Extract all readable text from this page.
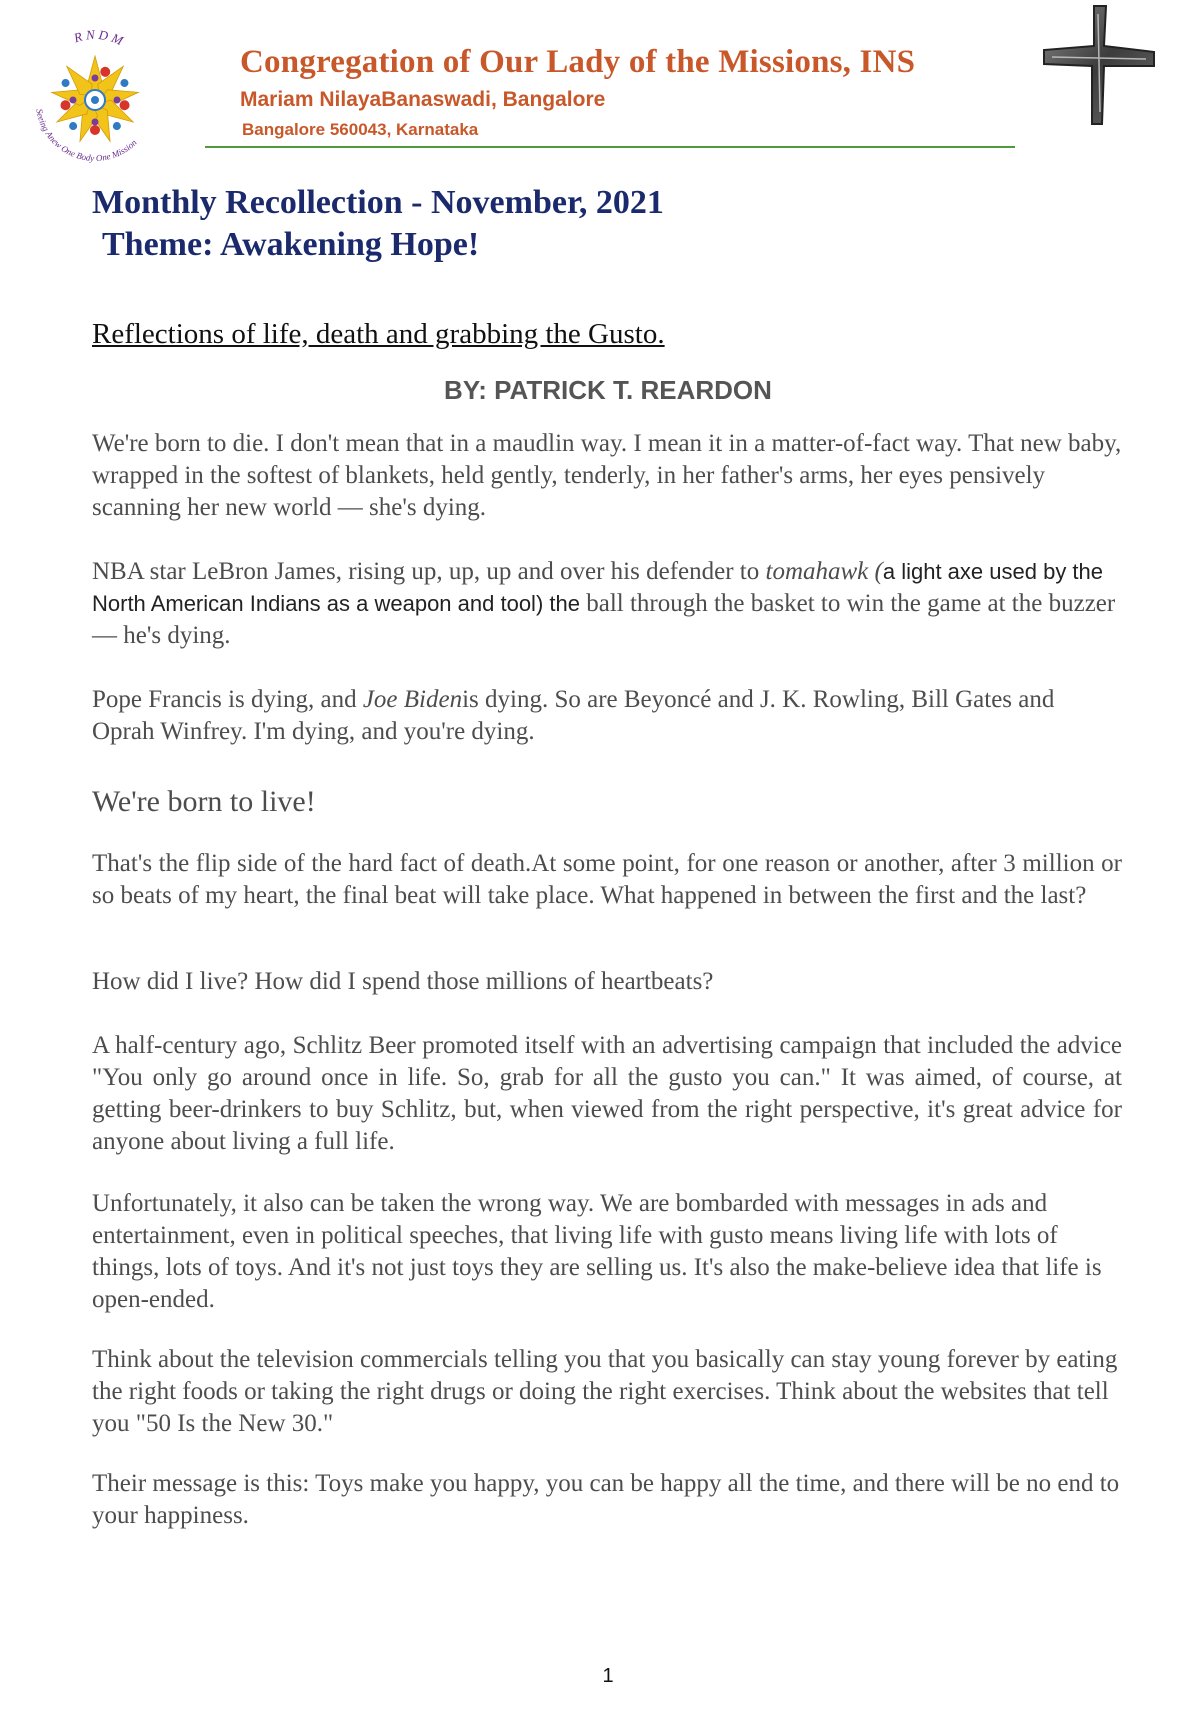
R N D M
Seeing Anew One Body One Mission
Congregation of Our Lady of the Missions, INS
Mariam NilayaBanaswadi, Bangalore
Bangalore 560043, Karnataka
Monthly Recollection - November, 2021
Theme: Awakening Hope!
Reflections of life, death and grabbing the Gusto.
BY: PATRICK T. REARDON
We're born to die. I don't mean that in a maudlin way. I mean it in a matter-of-fact way. That new baby, wrapped in the softest of blankets, held gently, tenderly, in her father's arms, her eyes pensively scanning her new world — she's dying.
NBA star LeBron James, rising up, up, up and over his defender to tomahawk (a light axe used by the North American Indians as a weapon and tool) the ball through the basket to win the game at the buzzer — he's dying.
Pope Francis is dying, and Joe Bidenis dying. So are Beyoncé and J. K. Rowling, Bill Gates and Oprah Winfrey. I'm dying, and you're dying.
We're born to live!
That's the flip side of the hard fact of death.At some point, for one reason or another, after 3 million or so beats of my heart, the final beat will take place. What happened in between the first and the last?
How did I live? How did I spend those millions of heartbeats?
A half-century ago, Schlitz Beer promoted itself with an advertising campaign that included the advice "You only go around once in life. So, grab for all the gusto you can." It was aimed, of course, at getting beer-drinkers to buy Schlitz, but, when viewed from the right perspective, it's great advice for anyone about living a full life.
Unfortunately, it also can be taken the wrong way. We are bombarded with messages in ads and entertainment, even in political speeches, that living life with gusto means living life with lots of things, lots of toys. And it's not just toys they are selling us. It's also the make-believe idea that life is open-ended.
Think about the television commercials telling you that you basically can stay young forever by eating the right foods or taking the right drugs or doing the right exercises. Think about the websites that tell you "50 Is the New 30."
Their message is this: Toys make you happy, you can be happy all the time, and there will be no end to your happiness.
1
